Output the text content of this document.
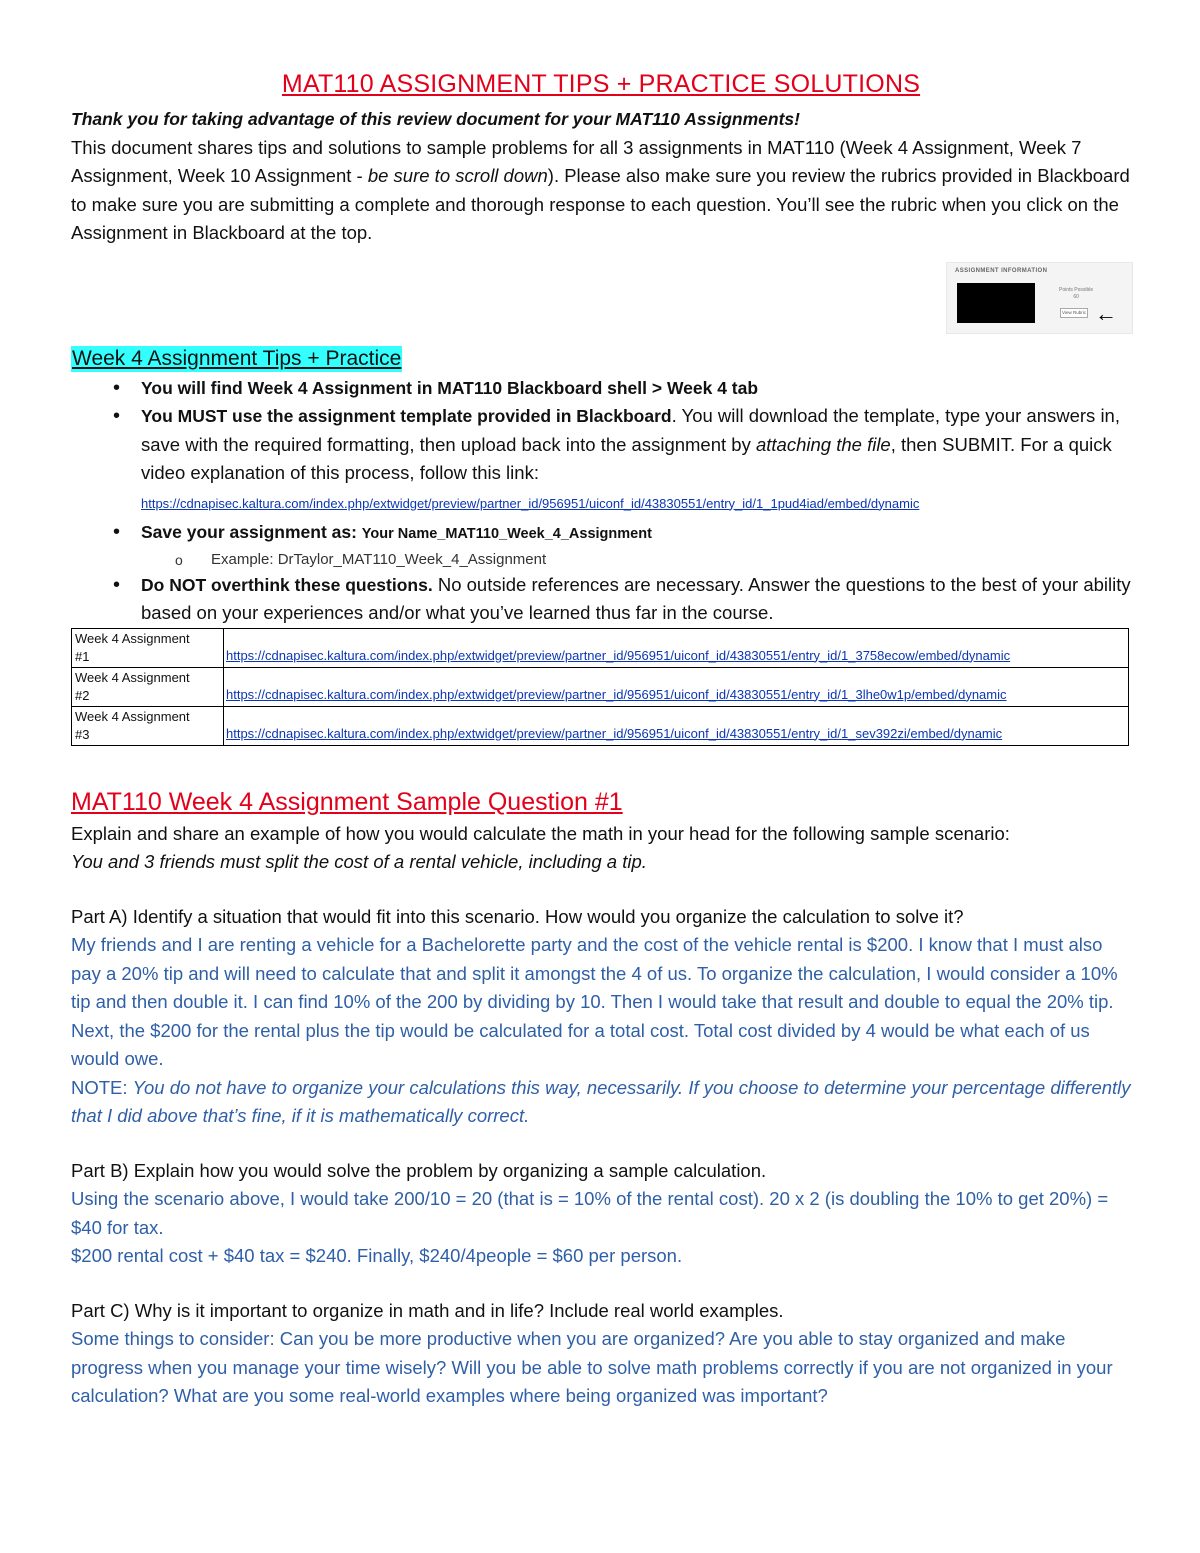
MAT110 ASSIGNMENT TIPS + PRACTICE SOLUTIONS

Thank you for taking advantage of this review document for your MAT110 Assignments!

This document shares tips and solutions to sample problems for all 3 assignments in MAT110 (Week 4 Assignment, Week 7 Assignment, Week 10 Assignment - be sure to scroll down). Please also make sure you review the rubrics provided in Blackboard to make sure you are submitting a complete and thorough response to each question. You’ll see the rubric when you click on the Assignment in Blackboard at the top.

ASSIGNMENT INFORMATION
Points Possible
60
View Rubric ←
Week 4 Assignment Tips + Practice
• You will find Week 4 Assignment in MAT110 Blackboard shell > Week 4 tab
• You MUST use the assignment template provided in Blackboard. You will download the template, type your answers in, save with the required formatting, then upload back into the assignment by attaching the file, then SUBMIT. For a quick video explanation of this process, follow this link:
https://cdnapisec.kaltura.com/index.php/extwidget/preview/partner_id/956951/uiconf_id/43830551/entry_id/1_1pud4iad/embed/dynamic
• Save your assignment as: Your Name_MAT110_Week_4_Assignment
o Example: DrTaylor_MAT110_Week_4_Assignment
• Do NOT overthink these questions. No outside references are necessary. Answer the questions to the best of your ability based on your experiences and/or what you’ve learned thus far in the course.
Week 4 Assignment
#1	https://cdnapisec.kaltura.com/index.php/extwidget/preview/partner_id/956951/uiconf_id/43830551/entry_id/1_3758ecow/embed/dynamic
Week 4 Assignment
#2	https://cdnapisec.kaltura.com/index.php/extwidget/preview/partner_id/956951/uiconf_id/43830551/entry_id/1_3lhe0w1p/embed/dynamic
Week 4 Assignment
#3	https://cdnapisec.kaltura.com/index.php/extwidget/preview/partner_id/956951/uiconf_id/43830551/entry_id/1_sev392zi/embed/dynamic
MAT110 Week 4 Assignment Sample Question #1

Explain and share an example of how you would calculate the math in your head for the following sample scenario:

You and 3 friends must split the cost of a rental vehicle, including a tip.

Part A) Identify a situation that would fit into this scenario. How would you organize the calculation to solve it?

My friends and I are renting a vehicle for a Bachelorette party and the cost of the vehicle rental is $200. I know that I must also pay a 20% tip and will need to calculate that and split it amongst the 4 of us. To organize the calculation, I would consider a 10% tip and then double it. I can find 10% of the 200 by dividing by 10. Then I would take that result and double to equal the 20% tip. Next, the $200 for the rental plus the tip would be calculated for a total cost. Total cost divided by 4 would be what each of us would owe.

NOTE: You do not have to organize your calculations this way, necessarily. If you choose to determine your percentage differently that I did above that’s fine, if it is mathematically correct.

Part B) Explain how you would solve the problem by organizing a sample calculation.

Using the scenario above, I would take 200/10 = 20 (that is = 10% of the rental cost). 20 x 2 (is doubling the 10% to get 20%) = $40 for tax.

$200 rental cost + $40 tax = $240. Finally, $240/4people = $60 per person.

Part C) Why is it important to organize in math and in life? Include real world examples.

Some things to consider: Can you be more productive when you are organized? Are you able to stay organized and make progress when you manage your time wisely? Will you be able to solve math problems correctly if you are not organized in your calculation? What are you some real-world examples where being organized was important?
